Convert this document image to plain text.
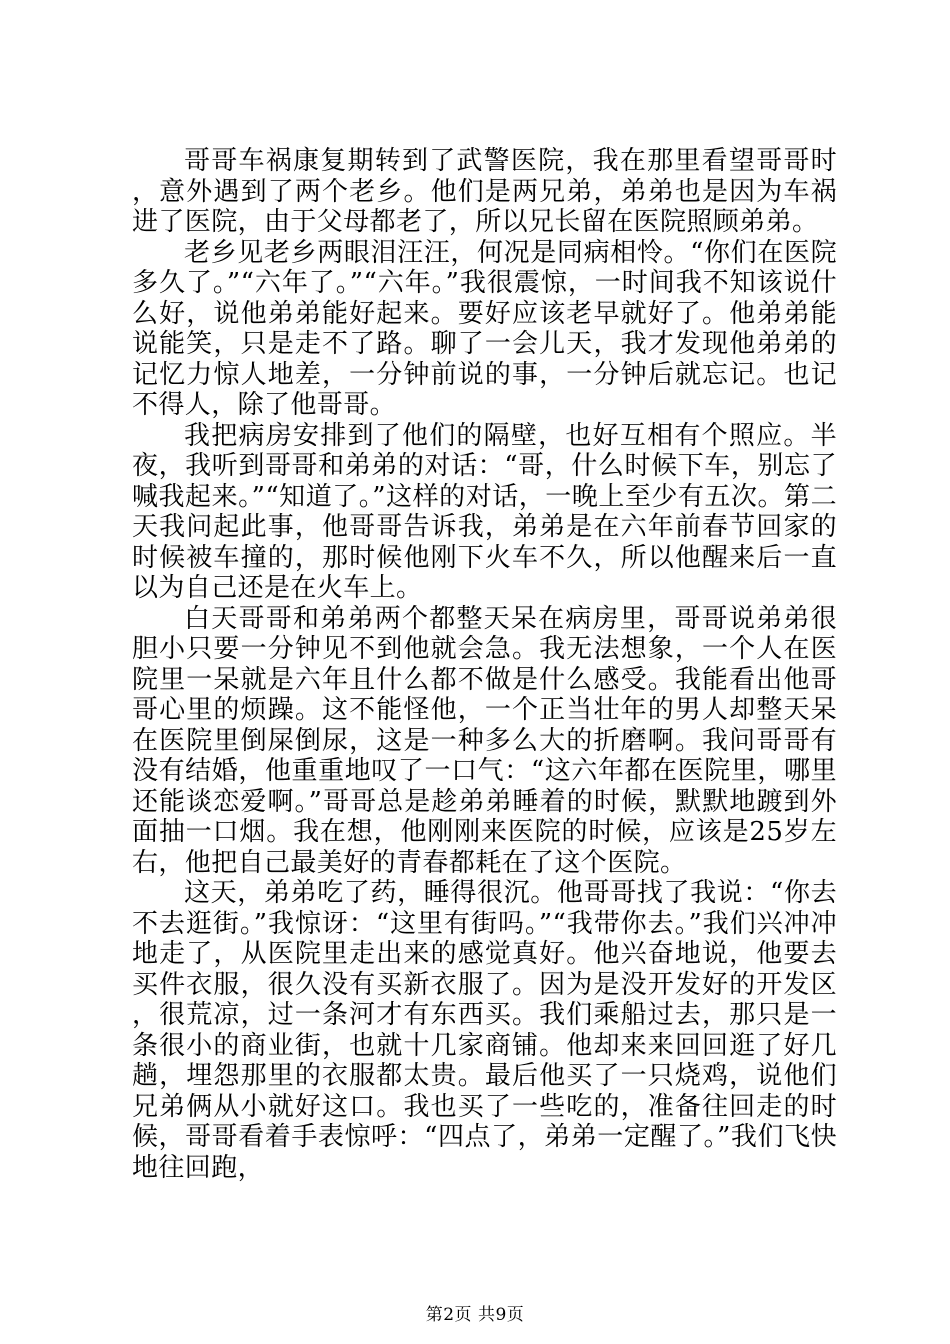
哥哥车祸康复期转到了武警医院，我在那里看望哥哥时，意外遇到了两个老乡。他们是两兄弟，弟弟也是因为车祸进了医院，由于父母都老了，所以兄长留在医院照顾弟弟。

老乡见老乡两眼泪汪汪，何况是同病相怜。“你们在医院多久了。”“六年了。”“六年。”我很震惊，一时间我不知该说什么好，说他弟弟能好起来。要好应该老早就好了。他弟弟能说能笑，只是走不了路。聊了一会儿天，我才发现他弟弟的记忆力惊人地差，一分钟前说的事，一分钟后就忘记。也记不得人，除了他哥哥。

我把病房安排到了他们的隔壁，也好互相有个照应。半夜，我听到哥哥和弟弟的对话：“哥，什么时候下车，别忘了喊我起来。”“知道了。”这样的对话，一晚上至少有五次。第二天我问起此事，他哥哥告诉我，弟弟是在六年前春节回家的时候被车撞的，那时候他刚下火车不久，所以他醒来后一直以为自己还是在火车上。

白天哥哥和弟弟两个都整天呆在病房里，哥哥说弟弟很胆小只要一分钟见不到他就会急。我无法想象，一个人在医院里一呆就是六年且什么都不做是什么感受。我能看出他哥哥心里的烦躁。这不能怪他，一个正当壮年的男人却整天呆在医院里倒屎倒尿，这是一种多么大的折磨啊。我问哥哥有没有结婚，他重重地叹了一口气：“这六年都在医院里，哪里还能谈恋爱啊。”哥哥总是趁弟弟睡着的时候，默默地踱到外面抽一口烟。我在想，他刚刚来医院的时候，应该是25岁左右，他把自己最美好的青春都耗在了这个医院。

这天，弟弟吃了药，睡得很沉。他哥哥找了我说：“你去不去逛街。”我惊讶：“这里有街吗。”“我带你去。”我们兴冲冲地走了，从医院里走出来的感觉真好。他兴奋地说，他要去买件衣服，很久没有买新衣服了。因为是没开发好的开发区，很荒凉，过一条河才有东西买。我们乘船过去，那只是一条很小的商业街，也就十几家商铺。他却来来回回逛了好几趟，埋怨那里的衣服都太贵。最后他买了一只烧鸡，说他们兄弟俩从小就好这口。我也买了一些吃的，准备往回走的时候，哥哥看着手表惊呼：“四点了，弟弟一定醒了。”我们飞快地往回跑，

第2页 共9页
